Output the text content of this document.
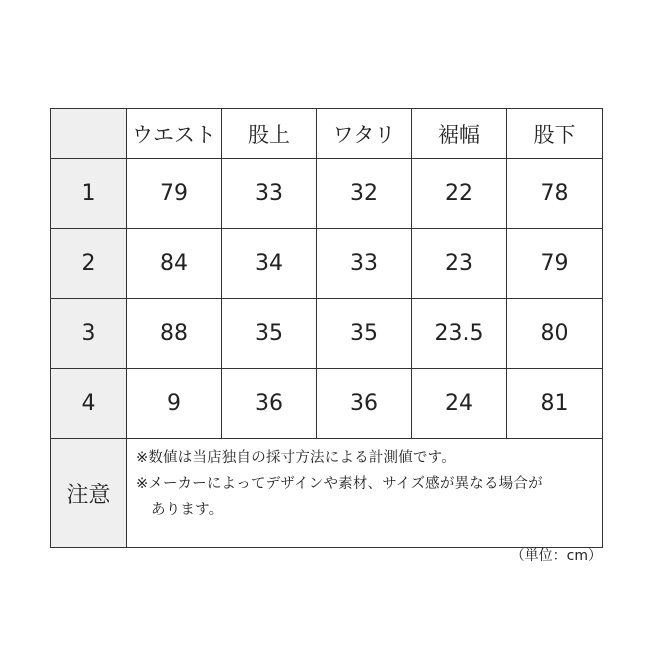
	ウエスト	股上	ワタリ	裾幅	股下
1	79	33	32	22	78
2	84	34	33	23	79
3	88	35	35	23.5	80
4	9	36	36	24	81
注意	※数値は当店独自の採寸方法による計測値です。
※メーカーによってデザインや素材、サイズ感が異なる場合が
あります。				
（単位：cm）
